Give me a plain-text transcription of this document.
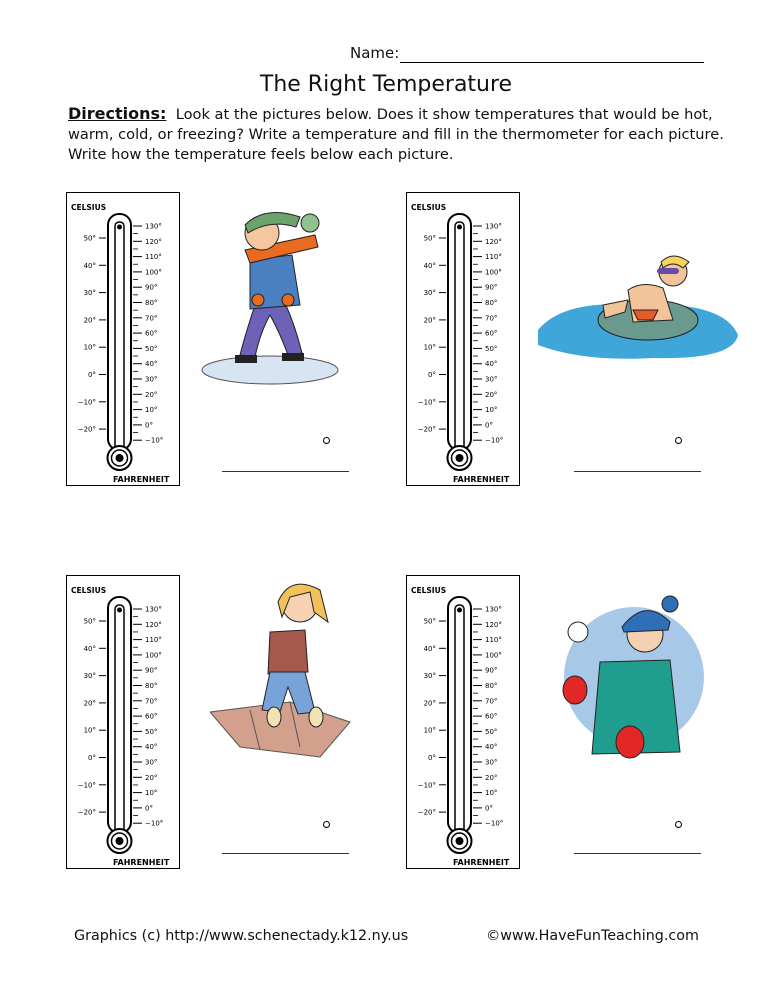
Name:
The Right Temperature
Directions: Look at the pictures below. Does it show temperatures that would be hot, warm, cold, or freezing? Write a temperature and fill in the thermometer for each picture. Write how the temperature feels below each picture.
CELSIUS
FAHRENHEIT
50°
40°
30°
20°
10°
0°
−10°
−20°
130°
120°
110°
100°
90°
80°
70°
60°
50°
40°
30°
20°
10°
0°
−10°
CELSIUS
FAHRENHEIT
50°
40°
30°
20°
10°
0°
−10°
−20°
130°
120°
110°
100°
90°
80°
70°
60°
50°
40°
30°
20°
10°
0°
−10°
CELSIUS
FAHRENHEIT
50°
40°
30°
20°
10°
0°
−10°
−20°
130°
120°
110°
100°
90°
80°
70°
60°
50°
40°
30°
20°
10°
0°
−10°
CELSIUS
FAHRENHEIT
50°
40°
30°
20°
10°
0°
−10°
−20°
130°
120°
110°
100°
90°
80°
70°
60°
50°
40°
30°
20°
10°
0°
−10°
Graphics (c) http://www.schenectady.k12.ny.us	©www.HaveFunTeaching.com
